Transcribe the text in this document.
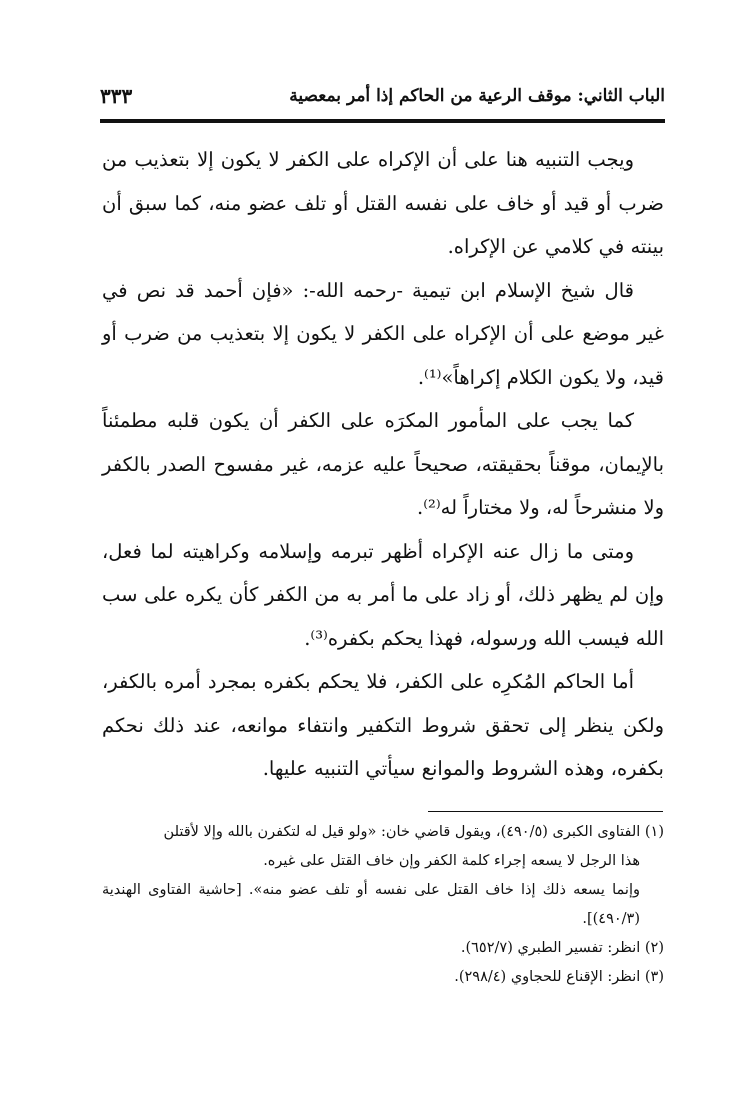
الباب الثاني: موقف الرعية من الحاكم إذا أمر بمعصية
٣٣٣

ويجب التنبيه هنا على أن الإكراه على الكفر لا يكون إلا بتعذيب من ضرب أو قيد أو خاف على نفسه القتل أو تلف عضو منه، كما سبق أن بينته في كلامي عن الإكراه.

قال شيخ الإسلام ابن تيمية -رحمه الله-: «فإن أحمد قد نص في غير موضع على أن الإكراه على الكفر لا يكون إلا بتعذيب من ضرب أو قيد، ولا يكون الكلام إكراهاً»⁽¹⁾.

كما يجب على المأمور المكرَه على الكفر أن يكون قلبه مطمئناً بالإيمان، موقناً بحقيقته، صحيحاً عليه عزمه، غير مفسوح الصدر بالكفر ولا منشرحاً له، ولا مختاراً له⁽²⁾.

ومتى ما زال عنه الإكراه أظهر تبرمه وإسلامه وكراهيته لما فعل، وإن لم يظهر ذلك، أو زاد على ما أمر به من الكفر كأن يكره على سب الله فيسب الله ورسوله، فهذا يحكم بكفره⁽³⁾.

أما الحاكم المُكرِه على الكفر، فلا يحكم بكفره بمجرد أمره بالكفر، ولكن ينظر إلى تحقق شروط التكفير وانتفاء موانعه، عند ذلك نحكم بكفره، وهذه الشروط والموانع سيأتي التنبيه عليها.

(١) الفتاوى الكبرى (٤٩٠/٥)، ويقول قاضي خان: «ولو قيل له لتكفرن بالله وإلا لأقتلن

هذا الرجل لا يسعه إجراء كلمة الكفر وإن خاف القتل على غيره.

وإنما يسعه ذلك إذا خاف القتل على نفسه أو تلف عضو منه». [حاشية الفتاوى الهندية (٤٩٠/٣)].

(٢) انظر: تفسير الطبري (٦٥٢/٧).

(٣) انظر: الإقناع للحجاوي (٢٩٨/٤).
